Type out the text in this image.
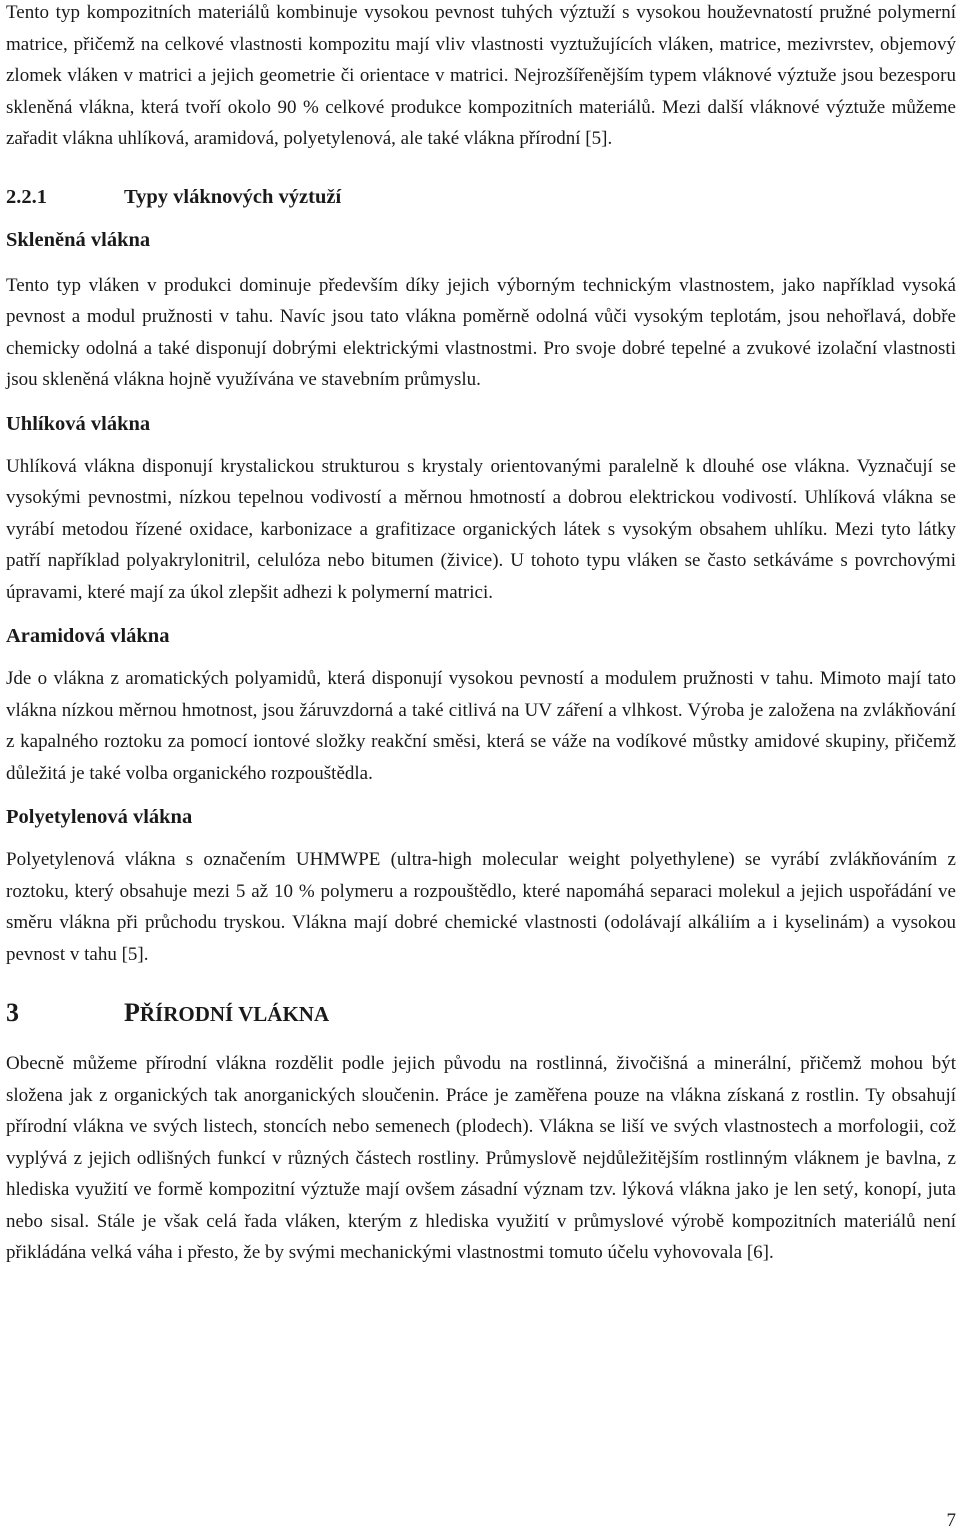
Tento typ kompozitních materiálů kombinuje vysokou pevnost tuhých výztuží s vysokou houževnatostí pružné polymerní matrice, přičemž na celkové vlastnosti kompozitu mají vliv vlastnosti vyztužujících vláken, matrice, mezivrstev, objemový zlomek vláken v matrici a jejich geometrie či orientace v matrici. Nejrozšířenějším typem vláknové výztuže jsou bezesporu skleněná vlákna, která tvoří okolo 90 % celkové produkce kompozitních materiálů. Mezi další vláknové výztuže můžeme zařadit vlákna uhlíková, aramidová, polyetylenová, ale také vlákna přírodní [5].

2.2.1	Typy vláknových výztuží
Skleněná vlákna

Tento typ vláken v produkci dominuje především díky jejich výborným technickým vlastnostem, jako například vysoká pevnost a modul pružnosti v tahu. Navíc jsou tato vlákna poměrně odolná vůči vysokým teplotám, jsou nehořlavá, dobře chemicky odolná a také disponují dobrými elektrickými vlastnostmi. Pro svoje dobré tepelné a zvukové izolační vlastnosti jsou skleněná vlákna hojně využívána ve stavebním průmyslu.

Uhlíková vlákna

Uhlíková vlákna disponují krystalickou strukturou s krystaly orientovanými paralelně k dlouhé ose vlákna. Vyznačují se vysokými pevnostmi, nízkou tepelnou vodivostí a měrnou hmotností a dobrou elektrickou vodivostí. Uhlíková vlákna se vyrábí metodou řízené oxidace, karbonizace a grafitizace organických látek s vysokým obsahem uhlíku. Mezi tyto látky patří například polyakrylonitril, celulóza nebo bitumen (živice). U tohoto typu vláken se často setkáváme s povrchovými úpravami, které mají za úkol zlepšit adhezi k polymerní matrici.

Aramidová vlákna

Jde o vlákna z aromatických polyamidů, která disponují vysokou pevností a modulem pružnosti v tahu. Mimoto mají tato vlákna nízkou měrnou hmotnost, jsou žáruvzdorná a také citlivá na UV záření a vlhkost. Výroba je založena na zvlákňování z kapalného roztoku za pomocí iontové složky reakční směsi, která se váže na vodíkové můstky amidové skupiny, přičemž důležitá je také volba organického rozpouštědla.

Polyetylenová vlákna

Polyetylenová vlákna s označením UHMWPE (ultra-high molecular weight polyethylene) se vyrábí zvlákňováním z roztoku, který obsahuje mezi 5 až 10 % polymeru a rozpouštědlo, které napomáhá separaci molekul a jejich uspořádání ve směru vlákna při průchodu tryskou. Vlákna mají dobré chemické vlastnosti (odolávají alkáliím a i kyselinám) a vysokou pevnost v tahu [5].

3	PŘÍRODNÍ VLÁKNA

Obecně můžeme přírodní vlákna rozdělit podle jejich původu na rostlinná, živočišná a minerální, přičemž mohou být složena jak z organických tak anorganických sloučenin. Práce je zaměřena pouze na vlákna získaná z rostlin. Ty obsahují přírodní vlákna ve svých listech, stoncích nebo semenech (plodech). Vlákna se liší ve svých vlastnostech a morfologii, což vyplývá z jejich odlišných funkcí v různých částech rostliny. Průmyslově nejdůležitějším rostlinným vláknem je bavlna, z hlediska využití ve formě kompozitní výztuže mají ovšem zásadní význam tzv. lýková vlákna jako je len setý, konopí, juta nebo sisal. Stále je však celá řada vláken, kterým z hlediska využití v průmyslové výrobě kompozitních materiálů není přikládána velká váha i přesto, že by svými mechanickými vlastnostmi tomuto účelu vyhovovala [6].

7
